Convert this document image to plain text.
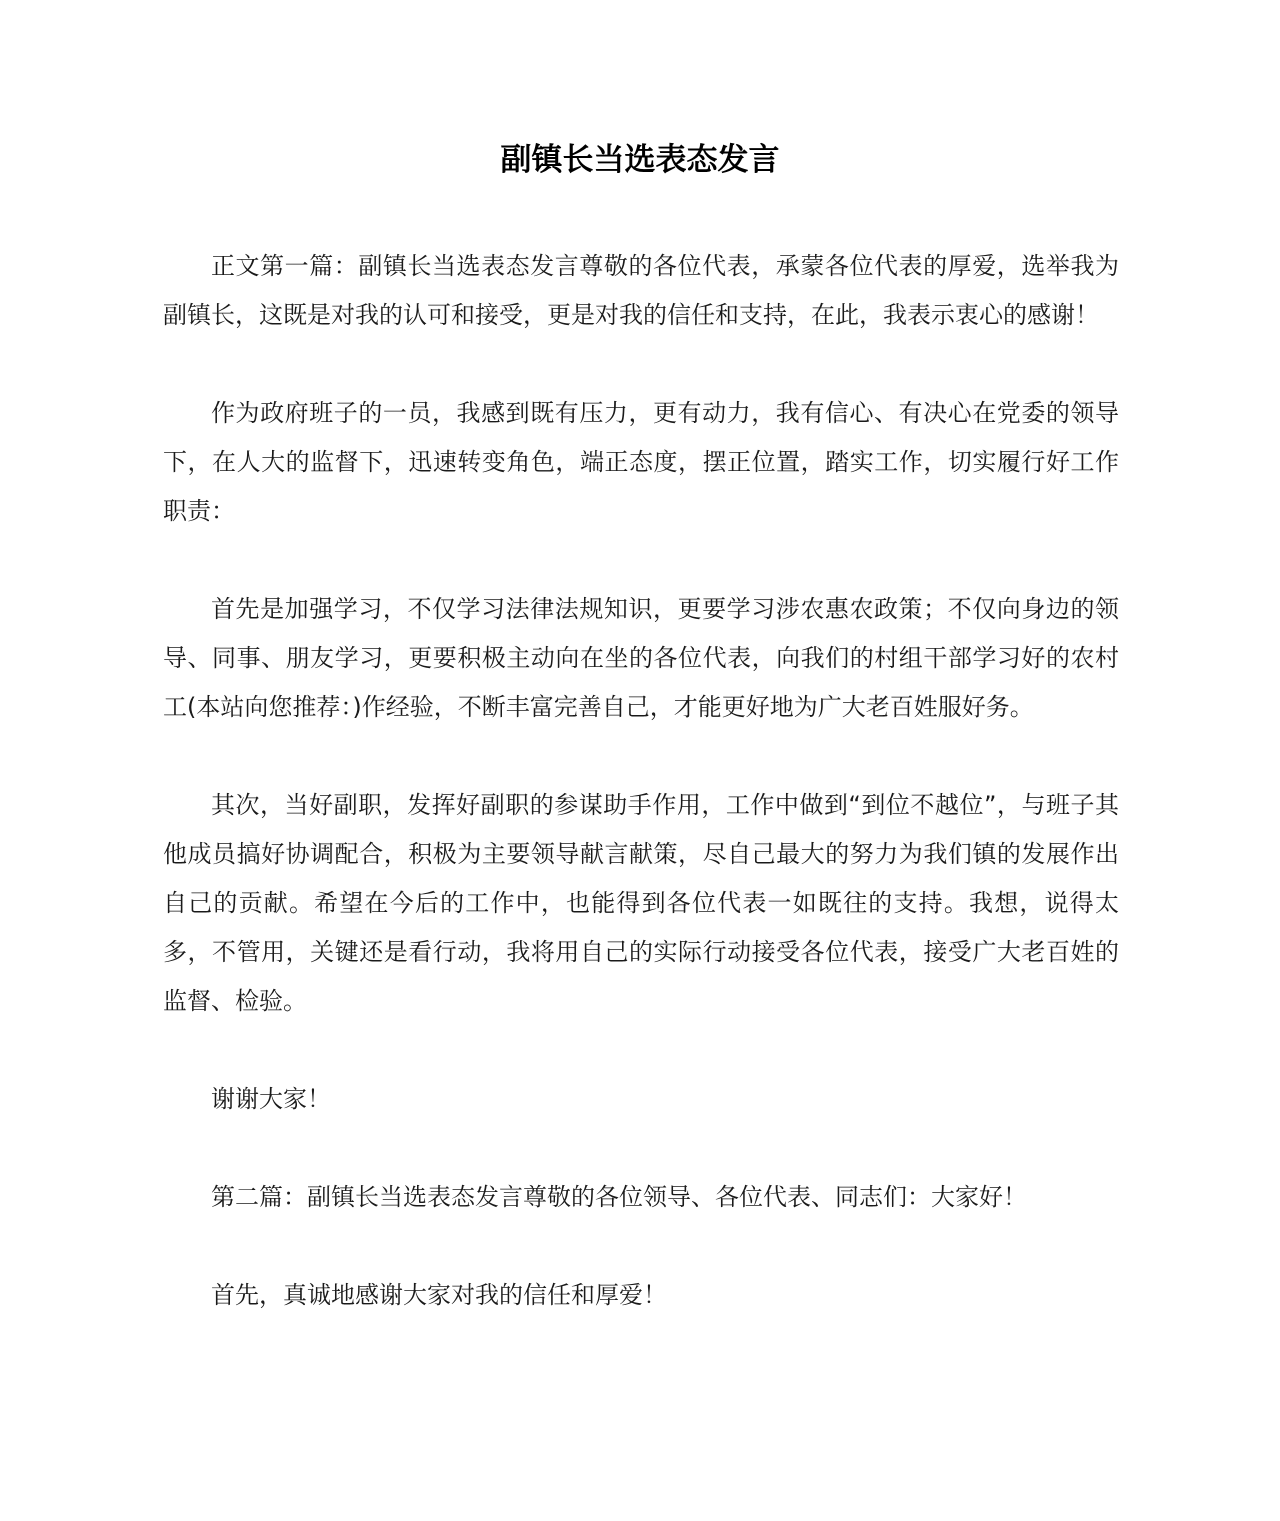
副镇长当选表态发言

正文第一篇：副镇长当选表态发言尊敬的各位代表，承蒙各位代表的厚爱，选举我为副镇长，这既是对我的认可和接受，更是对我的信任和支持，在此，我表示衷心的感谢！

作为政府班子的一员，我感到既有压力，更有动力，我有信心、有决心在党委的领导下，在人大的监督下，迅速转变角色，端正态度，摆正位置，踏实工作，切实履行好工作职责：

首先是加强学习，不仅学习法律法规知识，更要学习涉农惠农政策；不仅向身边的领导、同事、朋友学习，更要积极主动向在坐的各位代表，向我们的村组干部学习好的农村工(本站向您推荐：)作经验，不断丰富完善自己，才能更好地为广大老百姓服好务。

其次，当好副职，发挥好副职的参谋助手作用，工作中做到“到位不越位”，与班子其他成员搞好协调配合，积极为主要领导献言献策，尽自己最大的努力为我们镇的发展作出自己的贡献。希望在今后的工作中，也能得到各位代表一如既往的支持。我想，说得太多，不管用，关键还是看行动，我将用自己的实际行动接受各位代表，接受广大老百姓的监督、检验。

谢谢大家！

第二篇：副镇长当选表态发言尊敬的各位领导、各位代表、同志们：大家好！

首先，真诚地感谢大家对我的信任和厚爱！
